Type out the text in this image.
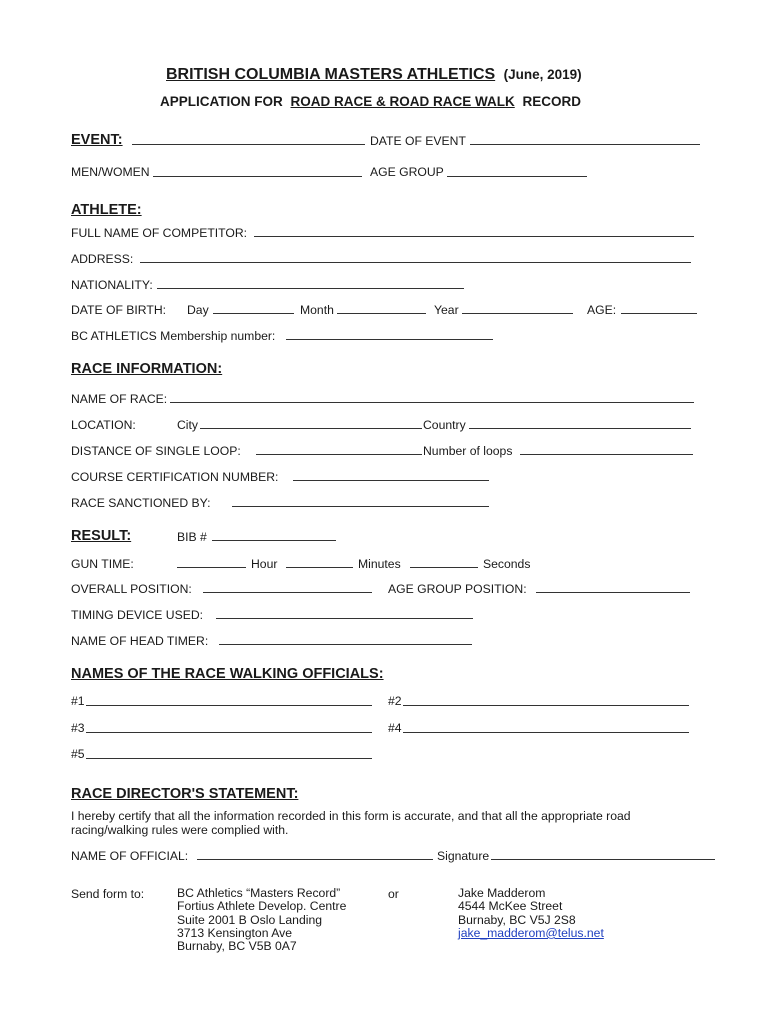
BRITISH COLUMBIA MASTERS ATHLETICS (June, 2019)
APPLICATION FOR ROAD RACE & ROAD RACE WALK RECORD
EVENT:	DATE OF EVENT
MEN/WOMEN	AGE GROUP
ATHLETE:
FULL NAME OF COMPETITOR:
ADDRESS:
NATIONALITY:
DATE OF BIRTH: Day	Month	Year	AGE:
BC ATHLETICS Membership number:
RACE INFORMATION:
NAME OF RACE:
LOCATION:	City	Country
DISTANCE OF SINGLE LOOP:	Number of loops
COURSE CERTIFICATION NUMBER:
RACE SANCTIONED BY:
RESULT:	BIB #
GUN TIME:	Hour	Minutes	Seconds
OVERALL POSITION:	AGE GROUP POSITION:
TIMING DEVICE USED:
NAME OF HEAD TIMER:
NAMES OF THE RACE WALKING OFFICIALS:
#1	#2
#3	#4
#5
RACE DIRECTOR'S STATEMENT:
I hereby certify that all the information recorded in this form is accurate, and that all the appropriate road
racing/walking rules were complied with.
NAME OF OFFICIAL:	Signature
Send form to:	BC Athletics “Masters Record”
Fortius Athlete Develop. Centre
Suite 2001 B Oslo Landing
3713 Kensington Ave
Burnaby, BC V5B 0A7
or	Jake Madderom
4544 McKee Street
Burnaby, BC V5J 2S8
jake_madderom@telus.net
